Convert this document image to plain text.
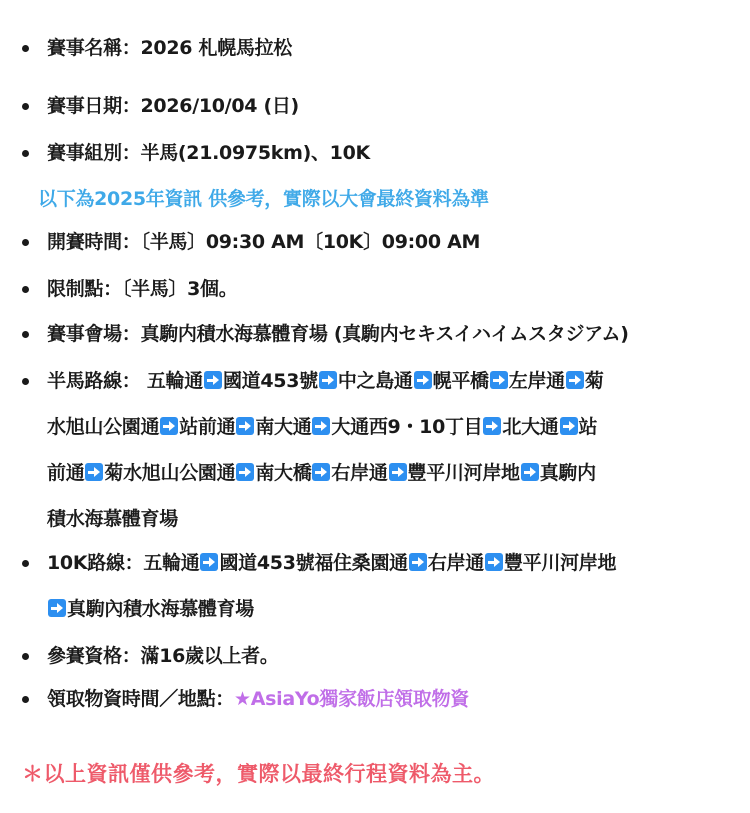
賽事名稱：2026 札幌馬拉松
賽事日期：2026/10/04 (日)
賽事組別：半馬(21.0975km)、10K
開賽時間：〔半馬〕09:30 AM〔10K〕09:00 AM
限制點：〔半馬〕3個。
賽事會場：真駒内積水海慕體育場 (真駒内セキスイハイムスタジアム)
半馬路線： 五輪通 國道453號 中之島通 幌平橋 左岸通 菊
水旭山公園通 站前通 南大通 大通西9・10丁目 北大通 站
前通 菊水旭山公園通 南大橋 右岸通 豐平川河岸地 真駒内
積水海慕體育場
10K路線：五輪通 國道453號福住桑園通 右岸通 豐平川河岸地
真駒內積水海慕體育場
參賽資格：滿16歲以上者。
領取物資時間／地點：★AsiaYo獨家飯店領取物資
以下為2025年資訊 供參考，實際以大會最終資料為準
＊以上資訊僅供參考，實際以最終行程資料為主。
